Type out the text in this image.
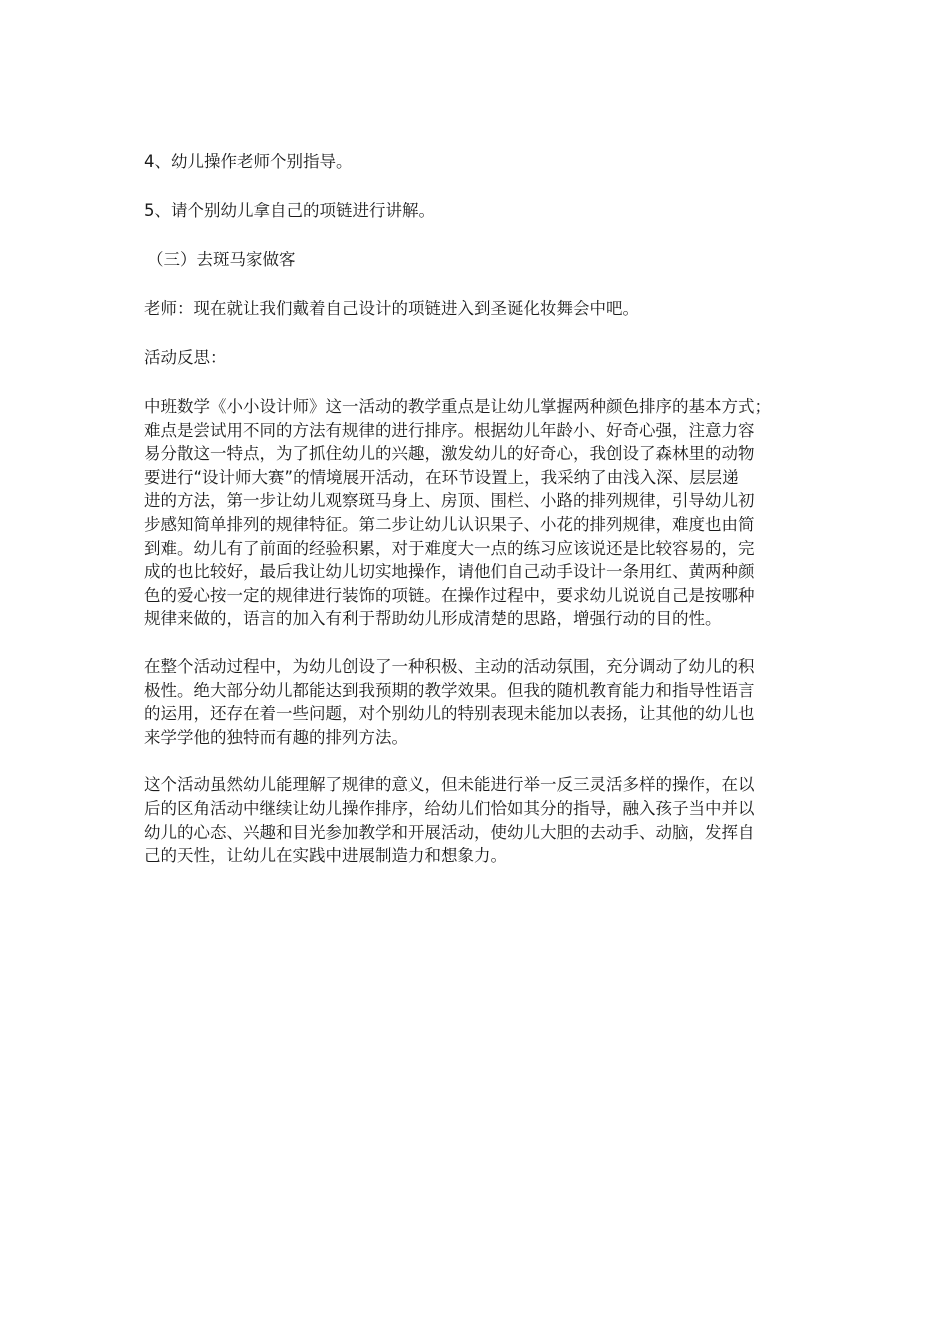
4、幼儿操作老师个别指导。

5、请个别幼儿拿自己的项链进行讲解。

（三）去斑马家做客

老师：现在就让我们戴着自己设计的项链进入到圣诞化妆舞会中吧。

活动反思：

中班数学《小小设计师》这一活动的教学重点是让幼儿掌握两种颜色排序的基本方式；
难点是尝试用不同的方法有规律的进行排序。根据幼儿年龄小、好奇心强，注意力容
易分散这一特点，为了抓住幼儿的兴趣，激发幼儿的好奇心，我创设了森林里的动物
要进行“设计师大赛”的情境展开活动，在环节设置上，我采纳了由浅入深、层层递
进的方法，第一步让幼儿观察斑马身上、房顶、围栏、小路的排列规律，引导幼儿初
步感知简单排列的规律特征。第二步让幼儿认识果子、小花的排列规律，难度也由简
到难。幼儿有了前面的经验积累，对于难度大一点的练习应该说还是比较容易的，完
成的也比较好，最后我让幼儿切实地操作，请他们自己动手设计一条用红、黄两种颜
色的爱心按一定的规律进行装饰的项链。在操作过程中，要求幼儿说说自己是按哪种
规律来做的，语言的加入有利于帮助幼儿形成清楚的思路，增强行动的目的性。
在整个活动过程中，为幼儿创设了一种积极、主动的活动氛围，充分调动了幼儿的积
极性。绝大部分幼儿都能达到我预期的教学效果。但我的随机教育能力和指导性语言
的运用，还存在着一些问题，对个别幼儿的特别表现未能加以表扬，让其他的幼儿也
来学学他的独特而有趣的排列方法。
这个活动虽然幼儿能理解了规律的意义，但未能进行举一反三灵活多样的操作，在以
后的区角活动中继续让幼儿操作排序，给幼儿们恰如其分的指导，融入孩子当中并以
幼儿的心态、兴趣和目光参加教学和开展活动，使幼儿大胆的去动手、动脑，发挥自
己的天性，让幼儿在实践中进展制造力和想象力。
